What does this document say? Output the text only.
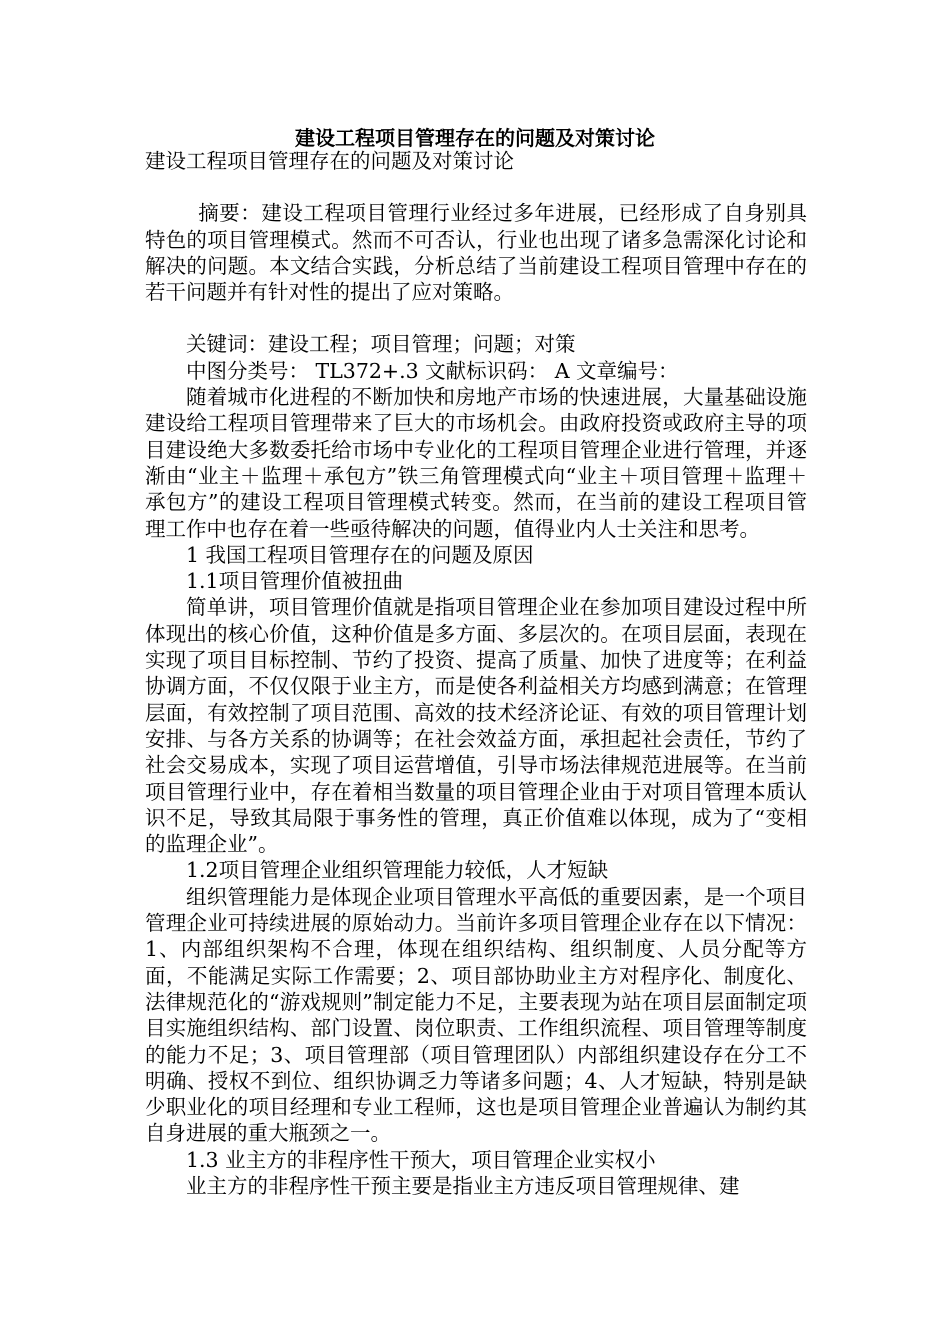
建设工程项目管理存在的问题及对策讨论

建设工程项目管理存在的问题及对策讨论

摘要：建设工程项目管理行业经过多年进展，已经形成了自身别具特色的项目管理模式。然而不可否认，行业也出现了诸多急需深化讨论和解决的问题。本文结合实践，分析总结了当前建设工程项目管理中存在的若干问题并有针对性的提出了应对策略。

关键词：建设工程；项目管理；问题；对策

中图分类号： TL372+.3 文献标识码： A 文章编号：

随着城市化进程的不断加快和房地产市场的快速进展，大量基础设施建设给工程项目管理带来了巨大的市场机会。由政府投资或政府主导的项目建设绝大多数委托给市场中专业化的工程项目管理企业进行管理，并逐渐由“业主＋监理＋承包方”铁三角管理模式向“业主＋项目管理＋监理＋承包方”的建设工程项目管理模式转变。然而，在当前的建设工程项目管理工作中也存在着一些亟待解决的问题，值得业内人士关注和思考。

1 我国工程项目管理存在的问题及原因

1.1项目管理价值被扭曲

简单讲，项目管理价值就是指项目管理企业在参加项目建设过程中所体现出的核心价值，这种价值是多方面、多层次的。在项目层面，表现在实现了项目目标控制、节约了投资、提高了质量、加快了进度等；在利益协调方面，不仅仅限于业主方，而是使各利益相关方均感到满意；在管理层面，有效控制了项目范围、高效的技术经济论证、有效的项目管理计划安排、与各方关系的协调等；在社会效益方面，承担起社会责任，节约了社会交易成本，实现了项目运营增值，引导市场法律规范进展等。在当前项目管理行业中，存在着相当数量的项目管理企业由于对项目管理本质认识不足，导致其局限于事务性的管理，真正价值难以体现，成为了“变相的监理企业”。

1.2项目管理企业组织管理能力较低，人才短缺

组织管理能力是体现企业项目管理水平高低的重要因素，是一个项目管理企业可持续进展的原始动力。当前许多项目管理企业存在以下情况：1、内部组织架构不合理，体现在组织结构、组织制度、人员分配等方面，不能满足实际工作需要；2、项目部协助业主方对程序化、制度化、法律规范化的“游戏规则”制定能力不足，主要表现为站在项目层面制定项目实施组织结构、部门设置、岗位职责、工作组织流程、项目管理等制度的能力不足；3、项目管理部（项目管理团队）内部组织建设存在分工不明确、授权不到位、组织协调乏力等诸多问题；4、人才短缺，特别是缺少职业化的项目经理和专业工程师，这也是项目管理企业普遍认为制约其自身进展的重大瓶颈之一。

1.3 业主方的非程序性干预大，项目管理企业实权小

业主方的非程序性干预主要是指业主方违反项目管理规律、建
